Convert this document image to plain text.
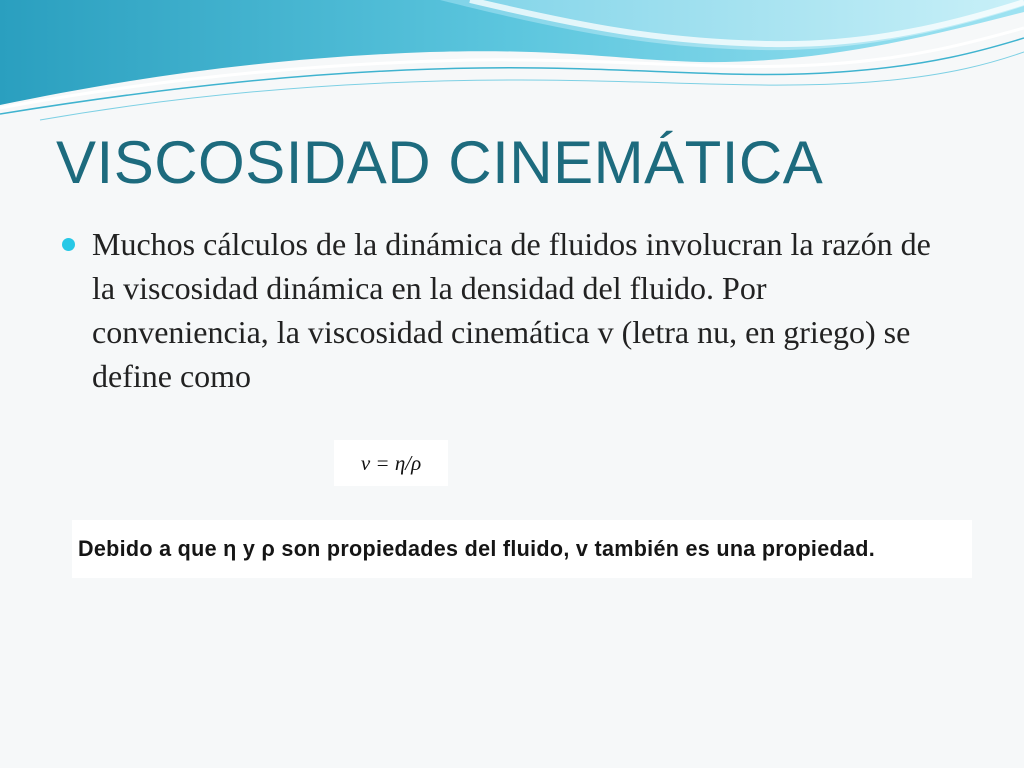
VISCOSIDAD CINEMÁTICA

Muchos cálculos de la dinámica de fluidos involucran la razón de la viscosidad dinámica en la densidad del fluido. Por conveniencia, la viscosidad cinemática v (letra nu, en griego) se define como

v = η/ρ

Debido a que η y ρ son propiedades del fluido, v también es una propiedad.
